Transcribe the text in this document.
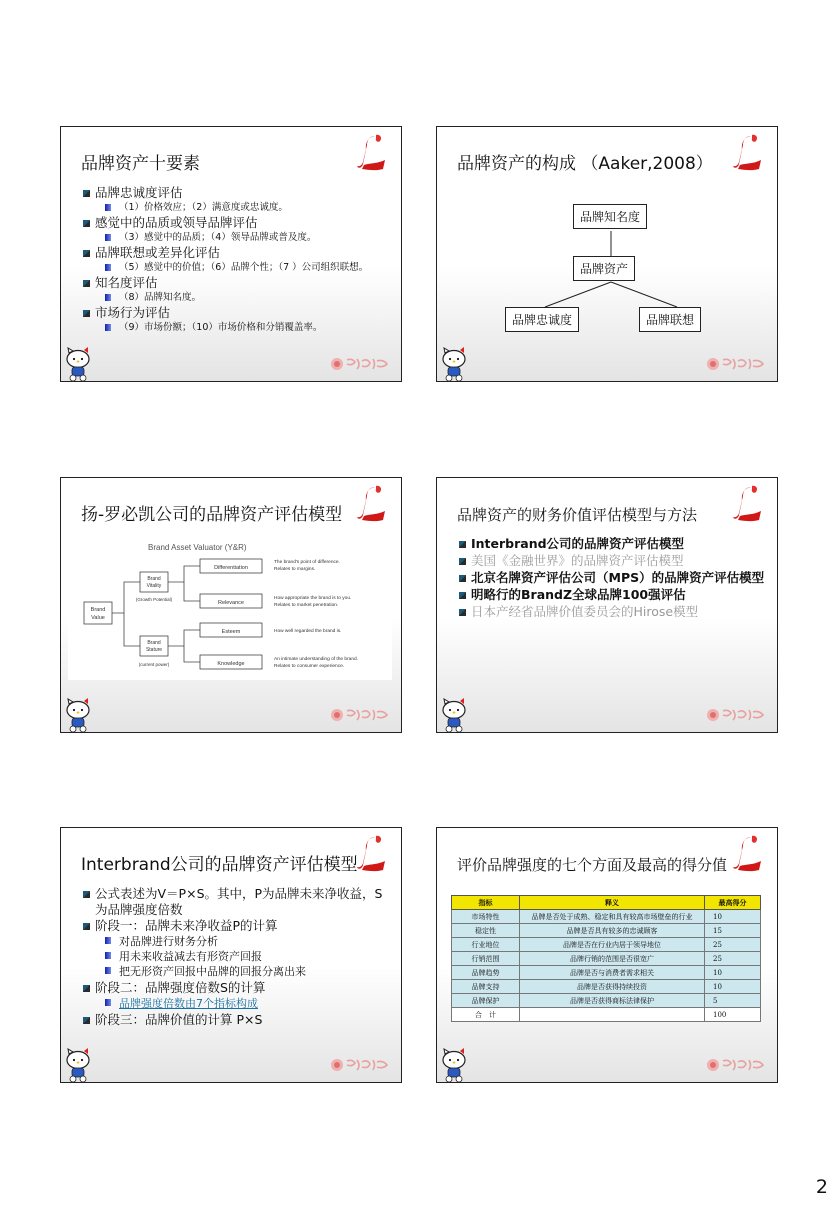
品牌资产十要素
品牌忠诚度评估
（1）价格效应；（2）满意度或忠诚度。
感觉中的品质或领导品牌评估
（3）感觉中的品质；（4）领导品牌或普及度。
品牌联想或差异化评估
（5）感觉中的价值；（6）品牌个性；（7 ）公司组织联想。
知名度评估
（8）品牌知名度。
市场行为评估
（9）市场份额；（10）市场价格和分销覆盖率。
品牌资产的构成 （Aaker,2008）
品牌知名度
品牌资产
品牌忠诚度	品牌联想
扬-罗必凯公司的品牌资产评估模型
Brand Asset Valuator (Y&R)
Brand
Value
Brand
Vitality
(Growth Potential)
Brand
Stature
(current power)
Differentiation
Relevance
Esteem
Knowledge
The brand's point of difference.
Relates to margins.
How appropriate the brand is to you.
Relates to market penetration.
How well regarded the brand is.
An intimate understanding of the brand.
Relates to consumer experience.
品牌资产的财务价值评估模型与方法
Interbrand公司的品牌资产评估模型
美国《金融世界》的品牌资产评估模型
北京名牌资产评估公司（MPS）的品牌资产评估模型
明略行的BrandZ全球品牌100强评估
日本产经省品牌价值委员会的Hirose模型
Interbrand公司的品牌资产评估模型
公式表述为V＝P×S。其中，P为品牌未来净收益，S为品牌强度倍数
阶段一：品牌未来净收益P的计算
对品牌进行财务分析
用未来收益减去有形资产回报
把无形资产回报中品牌的回报分离出来
阶段二：品牌强度倍数S的计算
品牌强度倍数由7个指标构成
阶段三：品牌价值的计算 P×S
评价品牌强度的七个方面及最高的得分值
指标	释义	最高得分
市场特性	品牌是否处于成熟、稳定和具有较高市场壁垒的行业	10
稳定性	品牌是否具有较多的忠诚顾客	15
行业地位	品牌是否在行业内居于领导地位	25
行销范围	品牌行销的范围是否很宽广	25
品牌趋势	品牌是否与消费者需求相关	10
品牌支持	品牌是否获得持续投资	10
品牌保护	品牌是否获得商标法律保护	5
合　计		100
2
